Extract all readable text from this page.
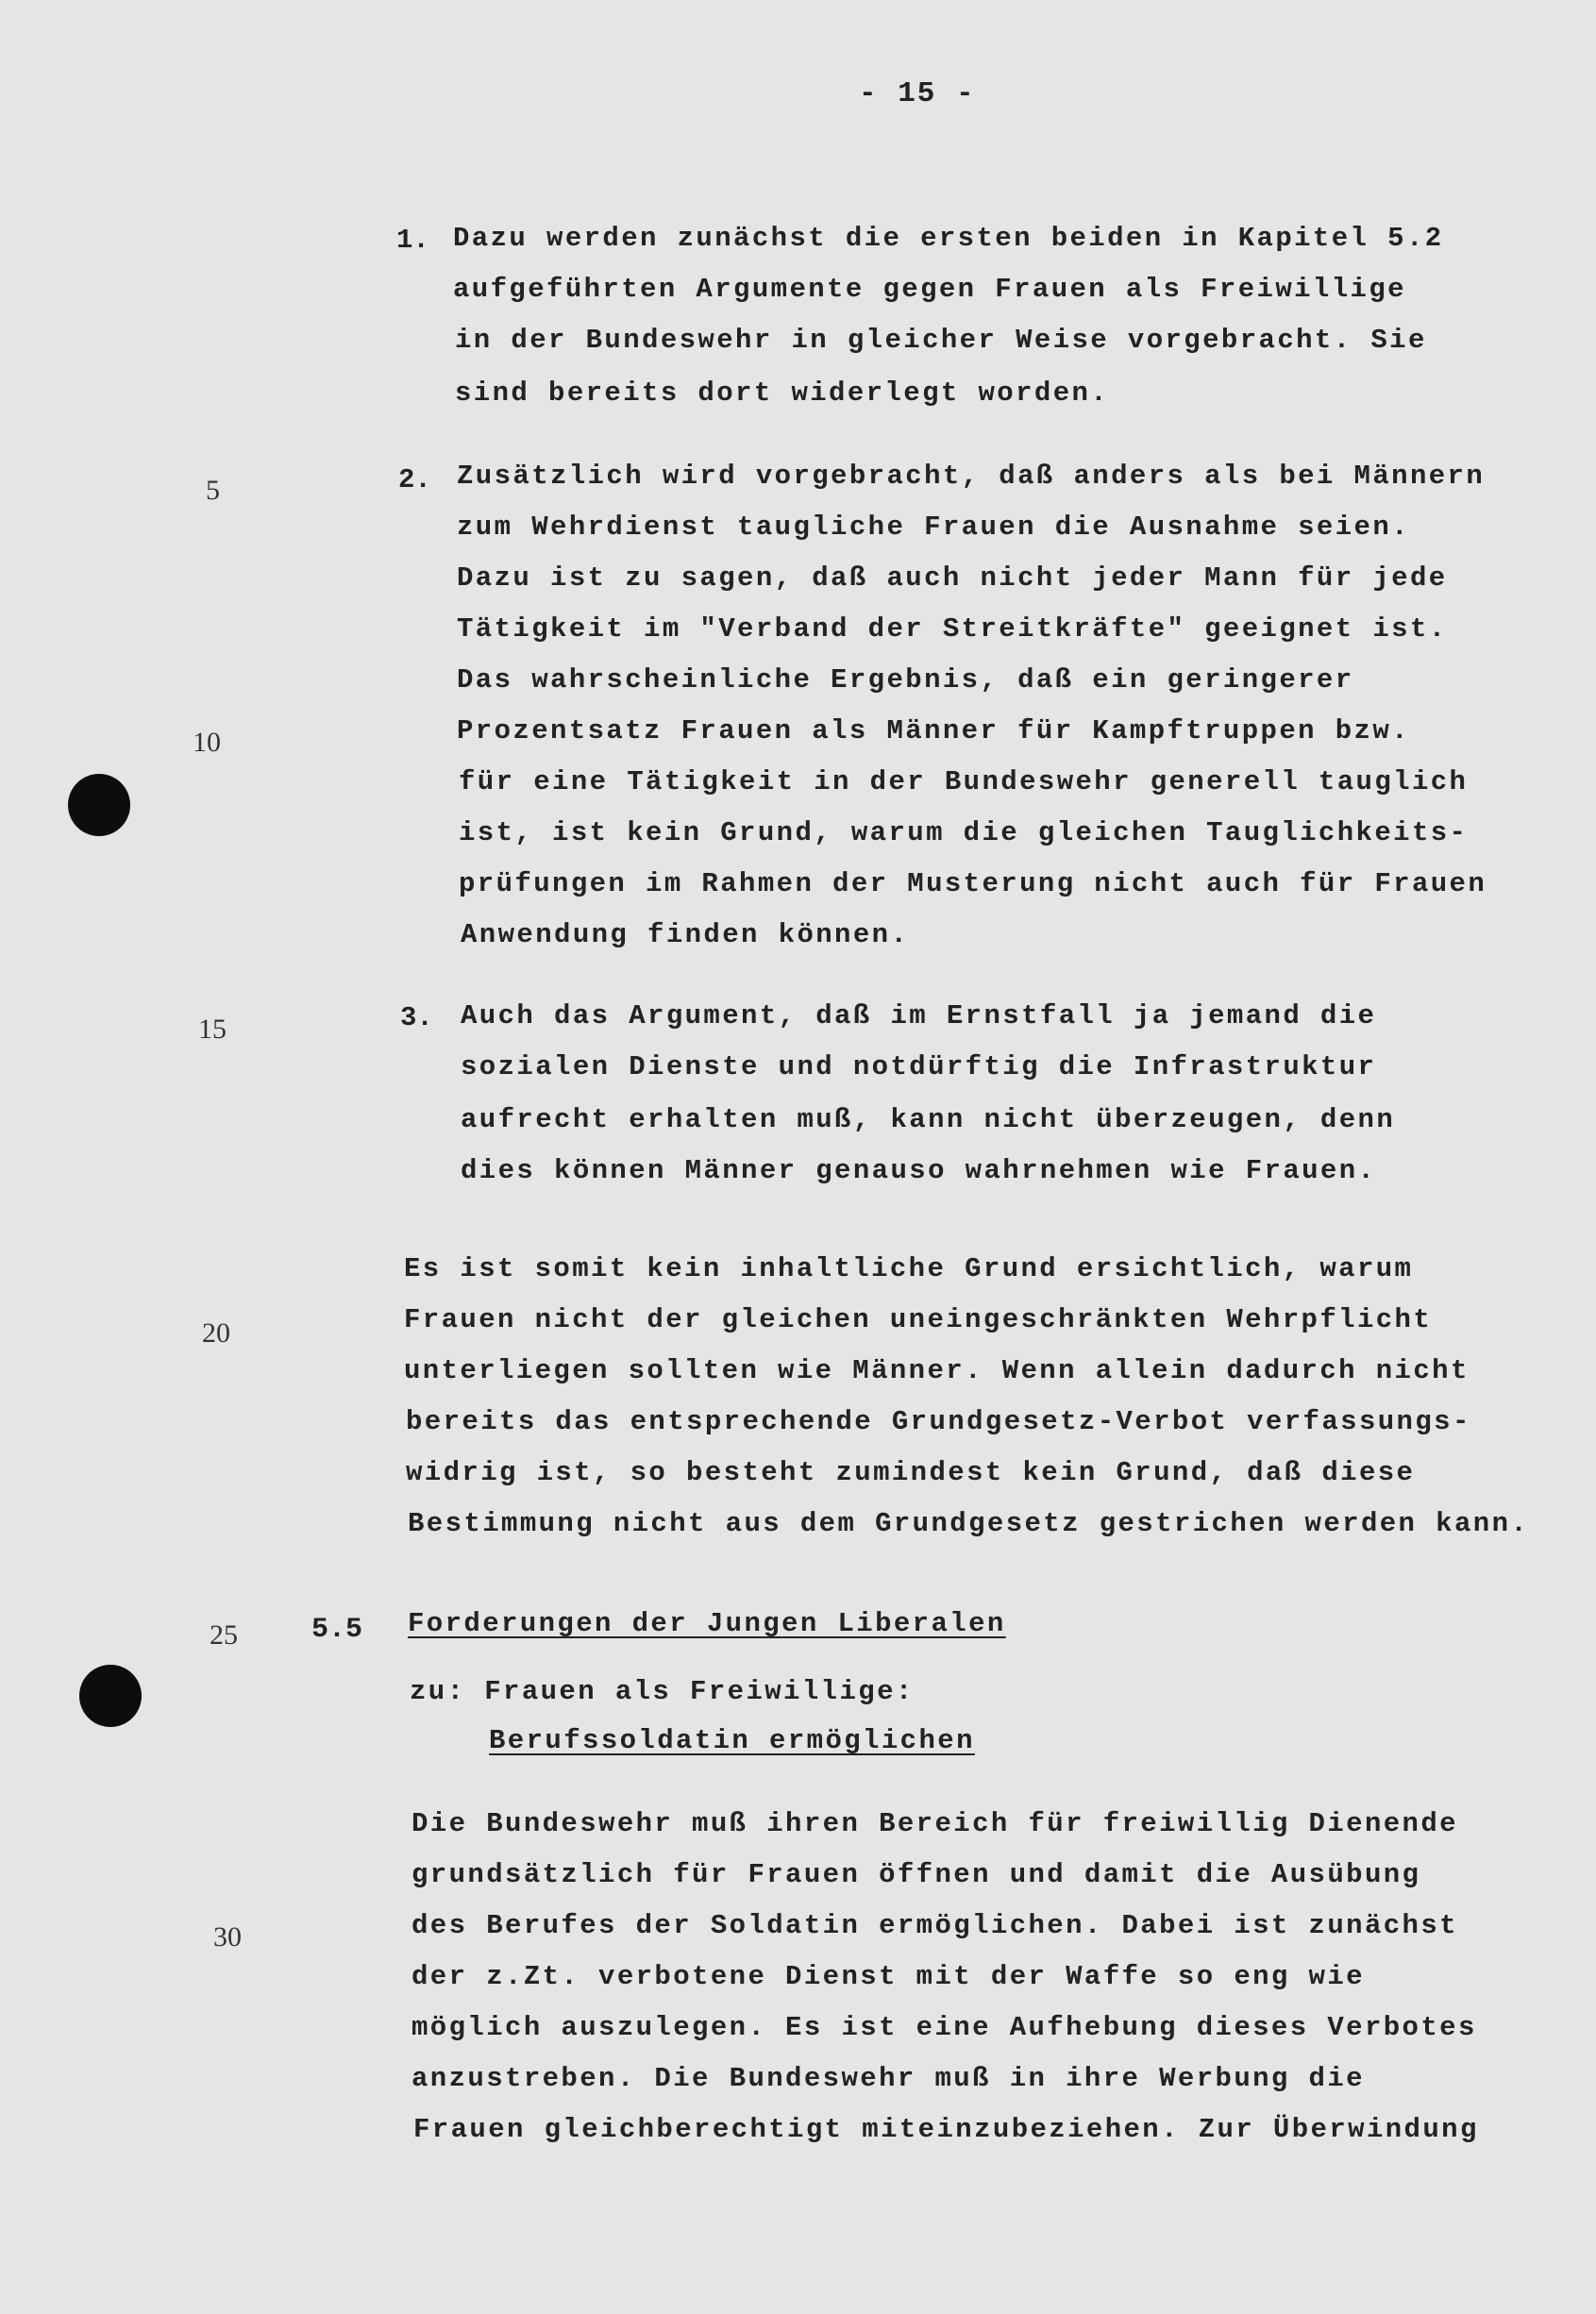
- 15 -
5
10
15
20
25
30
1. Dazu werden zunächst die ersten beiden in Kapitel 5.2
aufgeführten Argumente gegen Frauen als Freiwillige
in der Bundeswehr in gleicher Weise vorgebracht. Sie
sind bereits dort widerlegt worden.
2. Zusätzlich wird vorgebracht, daß anders als bei Männern
zum Wehrdienst taugliche Frauen die Ausnahme seien.
Dazu ist zu sagen, daß auch nicht jeder Mann für jede
Tätigkeit im "Verband der Streitkräfte" geeignet ist.
Das wahrscheinliche Ergebnis, daß ein geringerer
Prozentsatz Frauen als Männer für Kampftruppen bzw.
für eine Tätigkeit in der Bundeswehr generell tauglich
ist, ist kein Grund, warum die gleichen Tauglichkeits-
prüfungen im Rahmen der Musterung nicht auch für Frauen
Anwendung finden können.
3. Auch das Argument, daß im Ernstfall ja jemand die
sozialen Dienste und notdürftig die Infrastruktur
aufrecht erhalten muß, kann nicht überzeugen, denn
dies können Männer genauso wahrnehmen wie Frauen.
Es ist somit kein inhaltliche Grund ersichtlich, warum
Frauen nicht der gleichen uneingeschränkten Wehrpflicht
unterliegen sollten wie Männer. Wenn allein dadurch nicht
bereits das entsprechende Grundgesetz-Verbot verfassungs-
widrig ist, so besteht zumindest kein Grund, daß diese
Bestimmung nicht aus dem Grundgesetz gestrichen werden kann.
5.5 Forderungen der Jungen Liberalen
zu: Frauen als Freiwillige:
Berufssoldatin ermöglichen
Die Bundeswehr muß ihren Bereich für freiwillig Dienende
grundsätzlich für Frauen öffnen und damit die Ausübung
des Berufes der Soldatin ermöglichen. Dabei ist zunächst
der z.Zt. verbotene Dienst mit der Waffe so eng wie
möglich auszulegen. Es ist eine Aufhebung dieses Verbotes
anzustreben. Die Bundeswehr muß in ihre Werbung die
Frauen gleichberechtigt miteinzubeziehen. Zur Überwindung
